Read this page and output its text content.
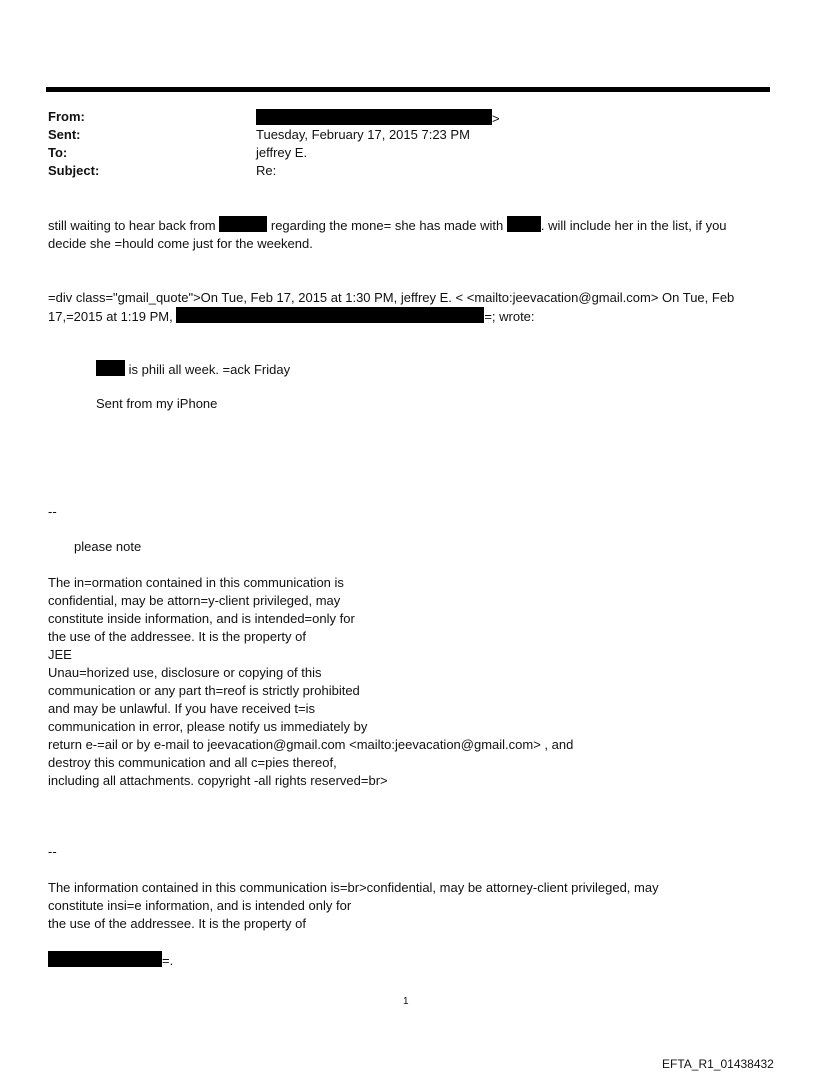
From:	>
Sent:	Tuesday, February 17, 2015 7:23 PM
To:	jeffrey E.
Subject:	Re:
still waiting to hear back from	regarding the mone= she has made with	. will include her in the list, if you
decide she =hould come just for the weekend.
=div class="gmail_quote">On Tue, Feb 17, 2015 at 1:30 PM, jeffrey E. < <mailto:jeevacation@gmail.com> On Tue, Feb
17,=2015 at 1:19 PM,	=; wrote:
is phili all week. =ack Friday
Sent from my iPhone
--
please note
The in=ormation contained in this communication is
confidential, may be attorn=y-client privileged, may
constitute inside information, and is intended=only for
the use of the addressee. It is the property of
JEE
Unau=horized use, disclosure or copying of this
communication or any part th=reof is strictly prohibited
and may be unlawful. If you have received t=is
communication in error, please notify us immediately by
return e-=ail or by e-mail to jeevacation@gmail.com <mailto:jeevacation@gmail.com> , and
destroy this communication and all c=pies thereof,
including all attachments. copyright -all rights reserved=br>
--
The information contained in this communication is=br>confidential, may be attorney-client privileged, may
constitute insi=e information, and is intended only for
the use of the addressee. It is the property of

=.

1
EFTA_R1_01438432
